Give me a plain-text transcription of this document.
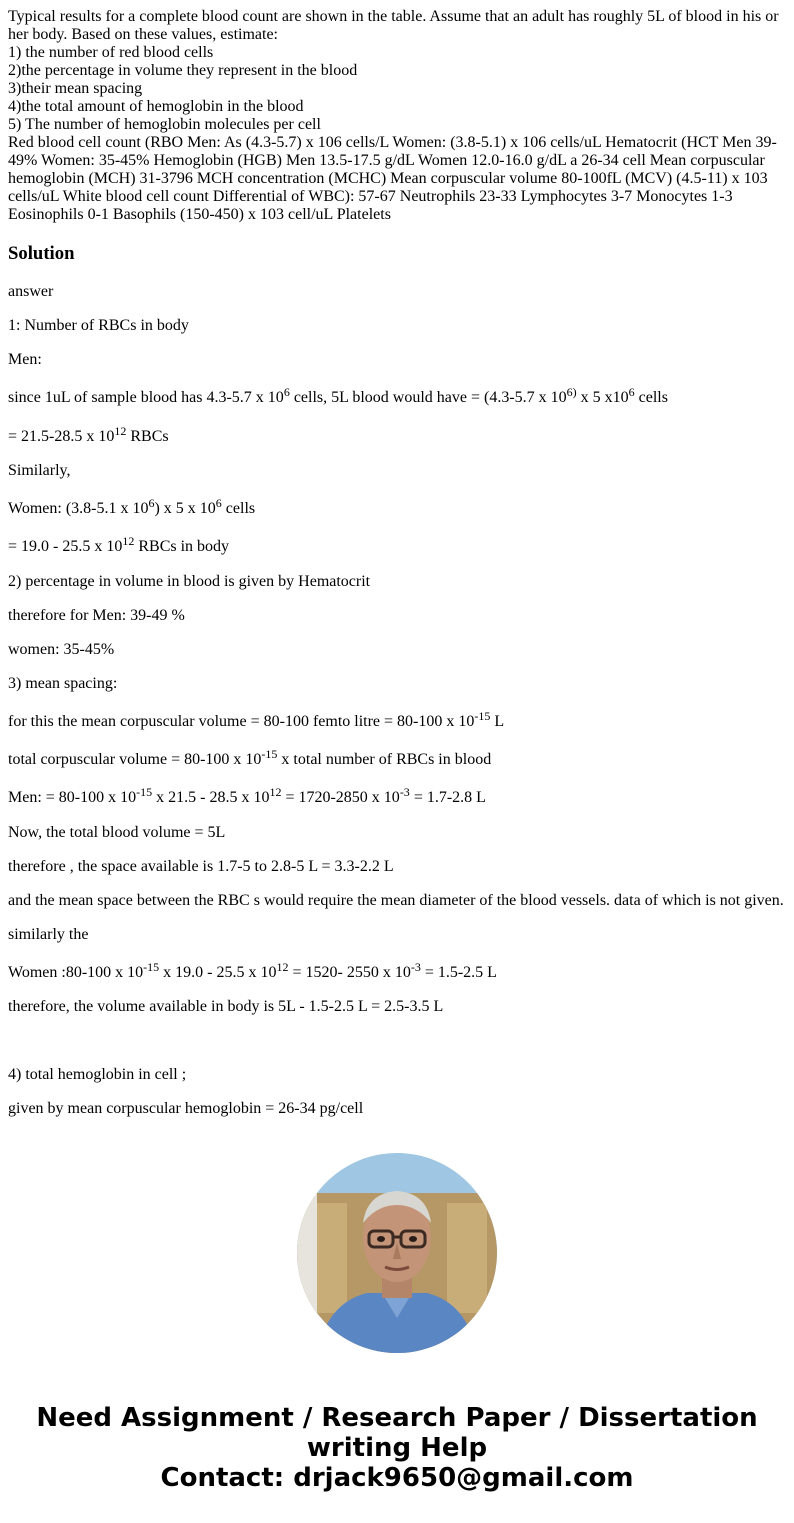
Typical results for a complete blood count are shown in the table. Assume that an adult has roughly 5L of blood in his or her body. Based on these values, estimate:
1) the number of red blood cells
2)the percentage in volume they represent in the blood
3)their mean spacing
4)the total amount of hemoglobin in the blood
5) The number of hemoglobin molecules per cell
Red blood cell count (RBO Men: As (4.3-5.7) x 106 cells/L Women: (3.8-5.1) x 106 cells/uL Hematocrit (HCT Men 39-49% Women: 35-45% Hemoglobin (HGB) Men 13.5-17.5 g/dL Women 12.0-16.0 g/dL a 26-34 cell Mean corpuscular hemoglobin (MCH) 31-3796 MCH concentration (MCHC) Mean corpuscular volume 80-100fL (MCV) (4.5-11) x 103 cells/uL White blood cell count Differential of WBC): 57-67 Neutrophils 23-33 Lymphocytes 3-7 Monocytes 1-3 Eosinophils 0-1 Basophils (150-450) x 103 cell/uL Platelets
Solution

answer

1: Number of RBCs in body

Men:

since 1uL of sample blood has 4.3-5.7 x $10^6$ cells, 5L blood would have = (4.3-5.7 x 10$^{6)}$ x 5 $x10^6$ cells

= 21.5-28.5 x $10^{12}$ RBCs

Similarly,

Women: (3.8-5.1 x $10^6$) x 5 x $10^6$ cells

= 19.0 - 25.5 x $10^{12}$ RBCs in body

2) percentage in volume in blood is given by Hematocrit

therefore for Men: 39-49 %

women: 35-45%

3) mean spacing:

for this the mean corpuscular volume = 80-100 femto litre = 80-100 x $10^{-15}$ L

total corpuscular volume = 80-100 x $10^{-15}$ x total number of RBCs in blood

Men: = 80-100 x $10^{-15}$ x 21.5 - 28.5 x $10^{12} = 1720-2850$ x $10^{-3} = 1.7-2.8$ L

Now, the total blood volume = 5L

therefore , the space available is 1.7-5 to 2.8-5 L = 3.3-2.2 L

and the mean space between the RBC s would require the mean diameter of the blood vessels. data of which is not given.

similarly the

Women :80-100 x $10^{-15}$ x 19.0 - 25.5 x $10^{12} = 1520-$ 2550 x $10^{-3} = 1.5-2.5$ L

therefore, the volume available in body is 5L - 1.5-2.5 L = 2.5-3.5 L

4) total hemoglobin in cell ;

given by mean corpuscular hemoglobin = 26-34 pg/cell

Need Assignment / Research Paper / Dissertation
writing Help
Contact: drjack9650@gmail.com
